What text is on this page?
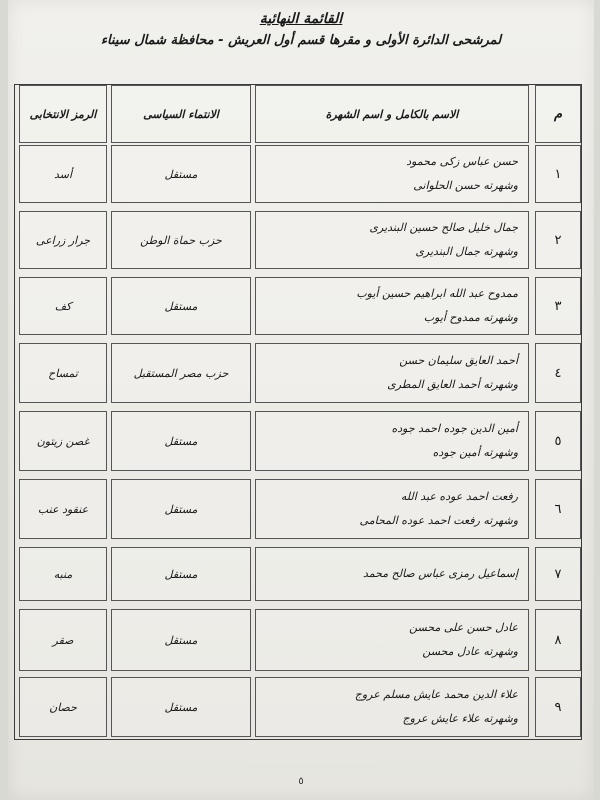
القائمة النهائية
لمرشحى الدائرة الأولى و مقرها قسم أول العريش - محافظة شمال سيناء
م
الاسم بالكامل و اسم الشهرة
الانتماء السياسى
الرمز الانتخابى
١
حسن عباس زكى محمود
وشهرته حسن الحلوانى
مستقل
أسد
٢
جمال خليل صالح حسين البنديرى
وشهرته جمال البنديرى
حزب حماة الوطن
جرار زراعى
٣
ممدوح عبد الله ابراهيم حسين أيوب
وشهرته ممدوح أيوب
مستقل
كف
٤
أحمد العايق سليمان حسن
وشهرته أحمد العايق المطرى
حزب مصر المستقبل
تمساح
٥
أمين الدين جوده احمد جوده
وشهرته أمين جوده
مستقل
غصن زيتون
٦
رفعت احمد عوده عبد الله
وشهرته رفعت احمد عوده المحامى
مستقل
عنقود عنب
٧
إسماعيل رمزى عباس صالح محمد
مستقل
منبه
٨
عادل حسن على محسن
وشهرته عادل محسن
مستقل
صقر
٩
علاء الدين محمد عايش مسلم عروج
وشهرته علاء عايش عروج
مستقل
حصان
٥
